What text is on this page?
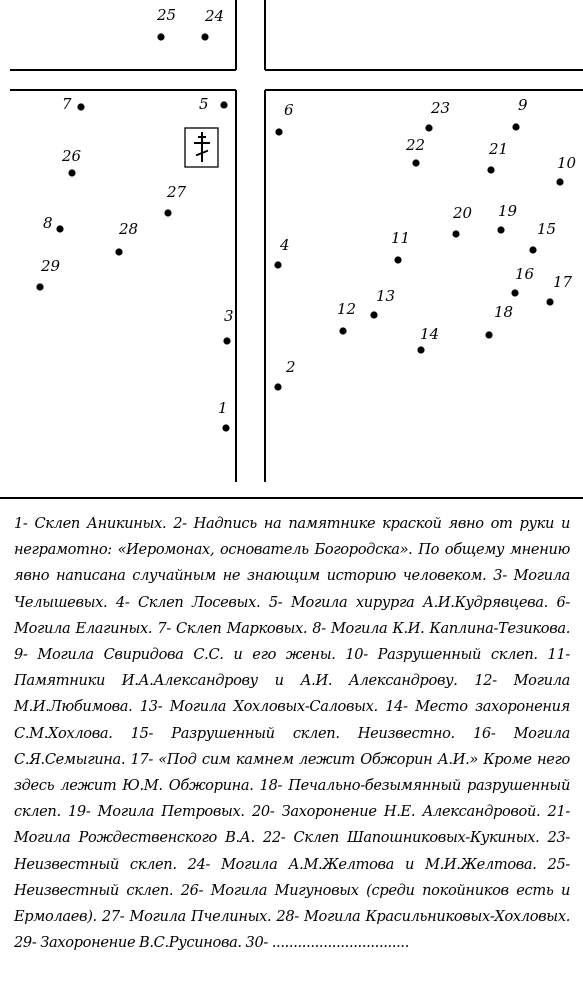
1
2
3
4
5	6
7
8
9
10
11
12
13
14
15
16 17
18
19
20
21
22
23
24
25
26
27
28
29

1- Склеп Аникиных. 2- Надпись на памятнике краской явно от руки и неграмотно: «Иеромонах, основатель Богородска». По общему мнению явно написана случайным не знающим историю человеком. 3- Могила Челышевых. 4- Склеп Лосевых. 5- Могила хирурга А.И.Кудрявцева. 6- Могила Елагиных. 7- Склеп Марковых. 8- Могила К.И. Каплина-Тезикова. 9- Могила Свиридова С.С. и его жены. 10- Разрушенный склеп. 11- Памятники И.А.Александрову и А.И. Александрову. 12- Могила М.И.Любимова. 13- Могила Хохловых-Саловых. 14- Место захоронения С.М.Хохлова. 15- Разрушенный склеп. Неизвестно. 16- Могила С.Я.Семыгина. 17- «Под сим камнем лежит Обжорин А.И.» Кроме него здесь лежит Ю.М. Обжорина. 18- Печально-безымянный разрушенный склеп. 19- Могила Петровых. 20- Захоронение Н.Е. Александровой. 21- Могила Рождественского В.А. 22- Склеп Шапошниковых-Кукиных. 23- Неизвестный склеп. 24- Могила А.М.Желтова и М.И.Желтова. 25- Неизвестный склеп. 26- Могила Мигуновых (среди покойников есть и Ермолаев). 27- Могила Пчелиных. 28- Могила Красильниковых-Хохловых. 29- Захоронение В.С.Русинова. 30- ................................
